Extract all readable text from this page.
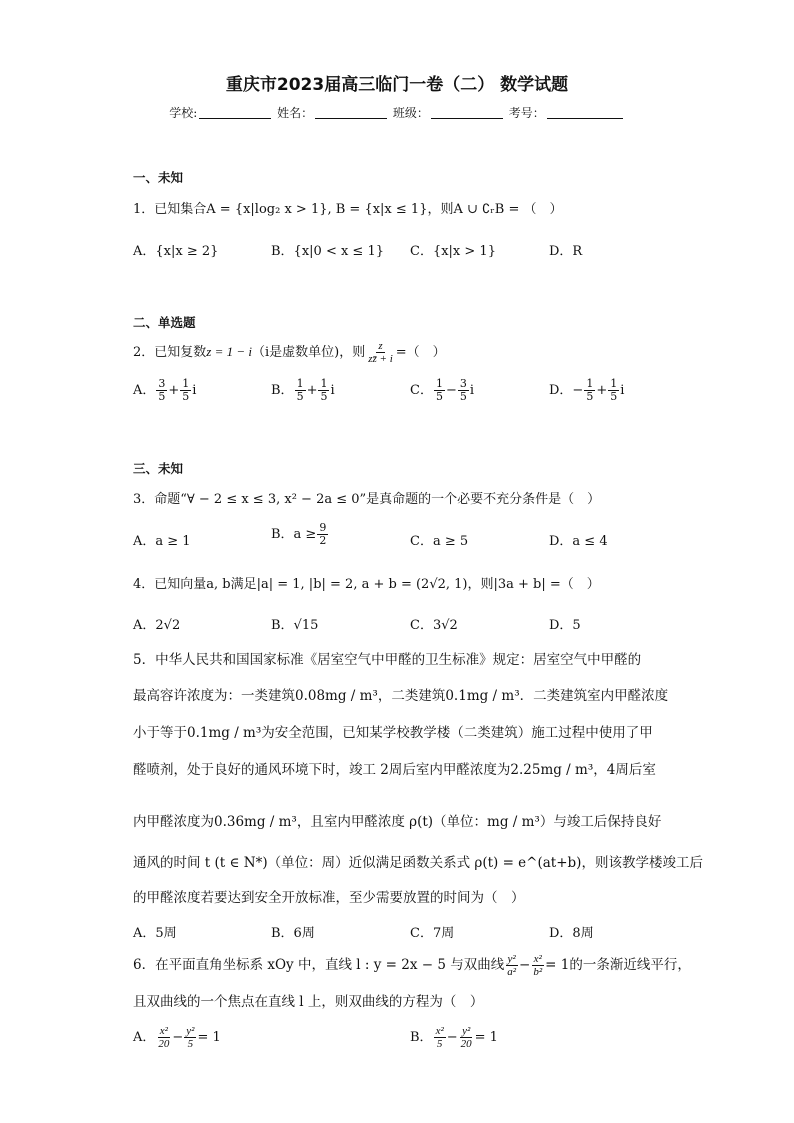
重庆市2023届高三临门一卷（二） 数学试题
学校:	姓名：	班级：	考号：
一、未知
1．已知集合A = {x|log₂ x > 1}, B = {x|x ≤ 1}，则A ∪ ∁ᵣB = （　）
A．{x|x ≥ 2}	B．{x|0 < x ≤ 1} C．{x|x > 1}	D．R
二、单选题
2．已知复数z = 1 − i（i是虚数单位)，则 $\frac{z}{zz̄ + i}$ =（　）
A． $\frac{3}{5} + \frac{1}{5}$ i	B． $\frac{1}{5} + \frac{1}{5}$ i	C． $\frac{1}{5} - \frac{3}{5}$ i	D．− $\frac{1}{5} + \frac{1}{5}$ i
三、未知
3．命题“∀ − 2 ≤ x ≤ 3, x² − 2a ≤ 0”是真命题的一个必要不充分条件是（　）
A．a ≥ 1	B．$a \ge \frac{9}{2}$	C．a ≥ 5	D．a ≤ 4
4．已知向量a, b满足|a| = 1, |b| = 2, a + b = (2√2, 1)，则|3a + b| =（　）
A．2√2	B．√15	C．3√2	D．5
5．中华人民共和国国家标准《居室空气中甲醛的卫生标准》规定：居室空气中甲醛的
最高容许浓度为：一类建筑0.08mg / m³，二类建筑0.1mg / m³．二类建筑室内甲醛浓度
小于等于0.1mg / m³为安全范围，已知某学校教学楼（二类建筑）施工过程中使用了甲
醛喷剂，处于良好的通风环境下时，竣工 2周后室内甲醛浓度为2.25mg / m³，4周后室
内甲醛浓度为0.36mg / m³，且室内甲醛浓度 ρ(t)（单位：mg / m³）与竣工后保持良好
通风的时间 t (t ∈ N*)（单位：周）近似满足函数关系式 ρ(t) = e^(at+b)，则该教学楼竣工后
的甲醛浓度若要达到安全开放标准，至少需要放置的时间为（　）
A．5周	B．6周	C．7周	D．8周
6．在平面直角坐标系 xOy 中，直线 l : y = 2x − 5 与双曲线 $\frac{\text{y²}}{\text{a²}} - \frac{\text{x²}}{\text{b²}} = 1$的一条渐近线平行，
且双曲线的一个焦点在直线 l 上，则双曲线的方程为（　）
A． $\frac{\text{x²}}{20} - \frac{\text{y²}}{5} = 1$	B． $\frac{\text{x²}}{5} - \frac{\text{y²}}{20} = 1$
